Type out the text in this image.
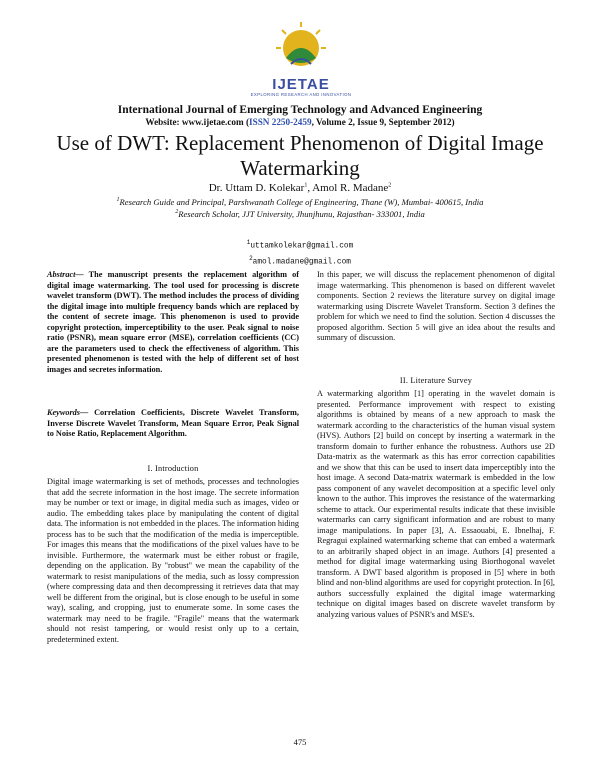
IJETAE
EXPLORING RESEARCH AND INNOVATION
International Journal of Emerging Technology and Advanced Engineering
Website: www.ijetae.com (ISSN 2250-2459, Volume 2, Issue 9, September 2012)
Use of DWT: Replacement Phenomenon of Digital Image Watermarking
Dr. Uttam D. Kolekar$^1$, Amol R. Madane$^2$
$^1$Research Guide and Principal, Parshwanath College of Engineering, Thane (W), Mumbai- 400615, India
$^2$Research Scholar, JJT University, Jhunjhunu, Rajasthan- 333001, India
$^1$uttamkolekar@gmail.com
$^2$amol.madane@gmail.com
Abstract— The manuscript presents the replacement algorithm of digital image watermarking. The tool used for processing is discrete wavelet transform (DWT). The method includes the process of dividing the digital image into multiple frequency bands which are replaced by the content of secrete image. This phenomenon is used to provide copyright protection, imperceptibility to the user. Peak signal to noise ratio (PSNR), mean square error (MSE), correlation coefficients (CC) are the parameters used to check the effectiveness of algorithm. This presented phenomenon is tested with the help of different set of host images and secretes information.
Keywords— Correlation Coefficients, Discrete Wavelet Transform, Inverse Discrete Wavelet Transform, Mean Square Error, Peak Signal to Noise Ratio, Replacement Algorithm.
I. Introduction
Digital image watermarking is set of methods, processes and technologies that add the secrete information in the host image. The secrete information may be number or text or image, in digital media such as images, video or audio. The embedding takes place by manipulating the content of digital data. The information is not embedded in the places. The information hiding process has to be such that the modification of the media is imperceptible. For images this means that the modifications of the pixel values have to be invisible. Furthermore, the watermark must be either robust or fragile, depending on the application. By "robust" we mean the capability of the watermark to resist manipulations of the media, such as lossy compression (where compressing data and then decompressing it retrieves data that may well be different from the original, but is close enough to be useful in some way), scaling, and cropping, just to enumerate some. In some cases the watermark may need to be fragile. "Fragile" means that the watermark should not resist tampering, or would resist only up to a certain, predetermined extent.
In this paper, we will discuss the replacement phenomenon of digital image watermarking. This phenomenon is based on different wavelet components. Section 2 reviews the literature survey on digital image watermarking using Discrete Wavelet Transform. Section 3 defines the problem for which we need to find the solution. Section 4 discusses the proposed algorithm. Section 5 will give an idea about the results and summary of discussion.
II. Literature Survey
A watermarking algorithm [1] operating in the wavelet domain is presented. Performance improvement with respect to existing algorithms is obtained by means of a new approach to mask the watermark according to the characteristics of the human visual system (HVS). Authors [2] build on concept by inserting a watermark in the transform domain to further enhance the robustness. Authors use 2D Data-matrix as the watermark as this has error correction capabilities and we show that this can be used to insert data imperceptibly into the host image. A second Data-matrix watermark is embedded in the low pass component of any wavelet decomposition at a specific level only known to the author. This improves the resistance of the watermarking scheme to attack. Our experimental results indicate that these invisible watermarks can carry significant information and are robust to many image manipulations. In paper [3], A. Essaouabi, E. Ibnelhaj, F. Regragui explained watermarking scheme that can embed a watermark to an arbitrarily shaped object in an image. Authors [4] presented a method for digital image watermarking using Biorthogonal wavelet transform. A DWT based algorithm is proposed in [5] where in both blind and non-blind algorithms are used for copyright protection. In [6], authors successfully explained the digital image watermarking technique on digital images based on discrete wavelet transform by analyzing various values of PSNR's and MSE's.
475
